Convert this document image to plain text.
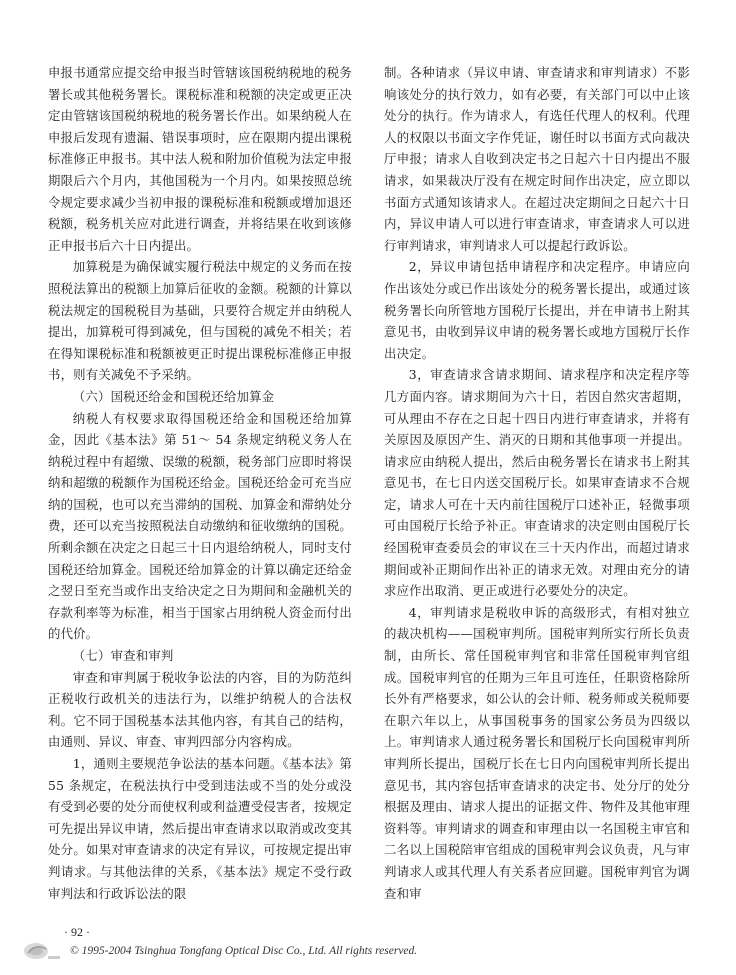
申报书通常应提交给申报当时管辖该国税纳税地的税务署长或其他税务署长。课税标准和税额的决定或更正决定由管辖该国税纳税地的税务署长作出。如果纳税人在申报后发现有遗漏、错误事项时，应在限期内提出课税标准修正申报书。其中法人税和附加价值税为法定申报期限后六个月内，其他国税为一个月内。如果按照总统令规定要求减少当初申报的课税标准和税额或增加退还税额，税务机关应对此进行调查，并将结果在收到该修正申报书后六十日内提出。

加算税是为确保诚实履行税法中规定的义务而在按照税法算出的税额上加算后征收的金额。税额的计算以税法规定的国税税目为基础，只要符合规定并由纳税人提出，加算税可得到减免，但与国税的减免不相关；若在得知课税标准和税额被更正时提出课税标准修正申报书，则有关减免不予采纳。

（六）国税还给金和国税还给加算金

纳税人有权要求取得国税还给金和国税还给加算金，因此《基本法》第 51～ 54 条规定纳税义务人在纳税过程中有超缴、误缴的税额，税务部门应即时将误纳和超缴的税额作为国税还给金。国税还给金可充当应纳的国税，也可以充当滞纳的国税、加算金和滞纳处分费，还可以充当按照税法自动缴纳和征收缴纳的国税。所剩余额在决定之日起三十日内退给纳税人，同时支付国税还给加算金。国税还给加算金的计算以确定还给金之翌日至充当或作出支给决定之日为期间和金融机关的存款利率等为标准，相当于国家占用纳税人资金而付出的代价。

（七）审查和审判

审查和审判属于税收争讼法的内容，目的为防范纠正税收行政机关的违法行为，以维护纳税人的合法权利。它不同于国税基本法其他内容，有其自己的结构，由通则、异议、审查、审判四部分内容构成。

1，通则主要规范争讼法的基本问题。《基本法》第 55 条规定，在税法执行中受到违法或不当的处分或没有受到必要的处分而使权利或利益遭受侵害者，按规定可先提出异议申请，然后提出审查请求以取消或改变其处分。如果对审查请求的决定有异议，可按规定提出审判请求。与其他法律的关系，《基本法》规定不受行政审判法和行政诉讼法的限

制。各种请求（异议申请、审查请求和审判请求）不影响该处分的执行效力，如有必要，有关部门可以中止该处分的执行。作为请求人，有选任代理人的权利。代理人的权限以书面文字作凭证，谢任时以书面方式向裁决厅申报；请求人自收到决定书之日起六十日内提出不服请求，如果裁决厅没有在规定时间作出决定，应立即以书面方式通知该请求人。在超过决定期间之日起六十日内，异议申请人可以进行审查请求，审查请求人可以进行审判请求，审判请求人可以提起行政诉讼。

2，异议申请包括申请程序和决定程序。申请应向作出该处分或已作出该处分的税务署长提出，或通过该税务署长向所管地方国税厅长提出，并在申请书上附其意见书，由收到异议申请的税务署长或地方国税厅长作出决定。

3，审查请求含请求期间、请求程序和决定程序等几方面内容。请求期间为六十日，若因自然灾害超期，可从理由不存在之日起十四日内进行审查请求，并将有关原因及原因产生、消灭的日期和其他事项一并提出。请求应由纳税人提出，然后由税务署长在请求书上附其意见书，在七日内送交国税厅长。如果审查请求不合规定，请求人可在十天内前往国税厅口述补正，轻微事项可由国税厅长给予补正。审查请求的决定则由国税厅长经国税审查委员会的审议在三十天内作出，而超过请求期间或补正期间作出补正的请求无效。对理由充分的请求应作出取消、更正或进行必要处分的决定。

4，审判请求是税收申诉的高级形式，有相对独立的裁决机构——国税审判所。国税审判所实行所长负责制，由所长、常任国税审判官和非常任国税审判官组成。国税审判官的任期为三年且可连任，任职资格除所长外有严格要求，如公认的会计师、税务师或关税师要在职六年以上，从事国税事务的国家公务员为四级以上。审判请求人通过税务署长和国税厅长向国税审判所审判所长提出，国税厅长在七日内向国税审判所长提出意见书，其内容包括审查请求的决定书、处分厅的处分根据及理由、请求人提出的证据文件、物件及其他审理资料等。审判请求的调查和审理由以一名国税主审官和二名以上国税陪审官组成的国税审判会议负责，凡与审判请求人或其代理人有关系者应回避。国税审判官为调查和审

· 92 ·
© 1995-2004 Tsinghua Tongfang Optical Disc Co., Ltd. All rights reserved.
